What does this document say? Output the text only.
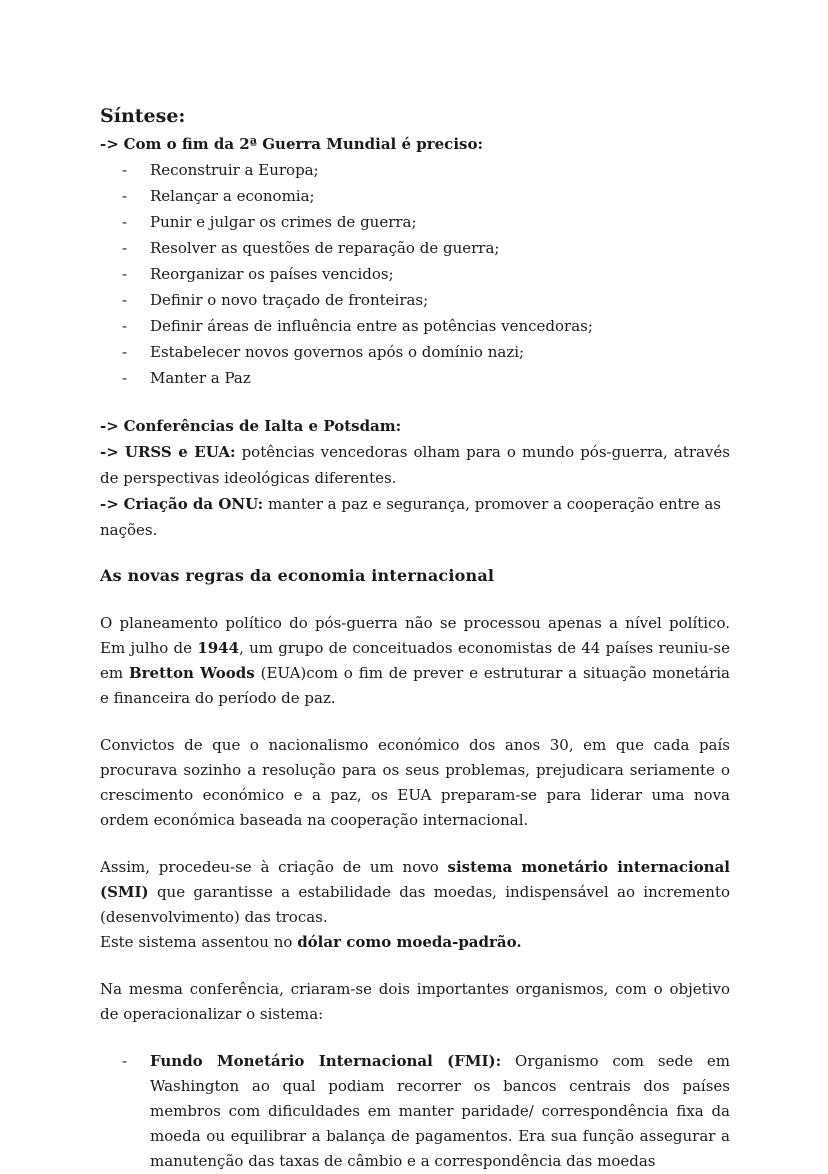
Síntese:
-> Com o fim da 2ª Guerra Mundial é preciso:
- Reconstruir a Europa;
- Relançar a economia;
- Punir e julgar os crimes de guerra;
- Resolver as questões de reparação de guerra;
- Reorganizar os países vencidos;
- Definir o novo traçado de fronteiras;
- Definir áreas de influência entre as potências vencedoras;
- Estabelecer novos governos após o domínio nazi;
- Manter a Paz
-> Conferências de Ialta e Potsdam:
-> URSS e EUA: potências vencedoras olham para o mundo pós-guerra, através de perspectivas ideológicas diferentes.
-> Criação da ONU: manter a paz e segurança, promover a cooperação entre as nações.
As novas regras da economia internacional

O planeamento político do pós-guerra não se processou apenas a nível político. Em julho de 1944, um grupo de conceituados economistas de 44 países reuniu-se em Bretton Woods (EUA)com o fim de prever e estruturar a situação monetária e financeira do período de paz.

Convictos de que o nacionalismo económico dos anos 30, em que cada país procurava sozinho a resolução para os seus problemas, prejudicara seriamente o crescimento económico e a paz, os EUA preparam-se para liderar uma nova ordem económica baseada na cooperação internacional.

Assim, procedeu-se à criação de um novo sistema monetário internacional (SMI) que garantisse a estabilidade das moedas, indispensável ao incremento (desenvolvimento) das trocas.

Este sistema assentou no dólar como moeda-padrão.

Na mesma conferência, criaram-se dois importantes organismos, com o objetivo de operacionalizar o sistema:

- Fundo Monetário Internacional (FMI): Organismo com sede em Washington ao qual podiam recorrer os bancos centrais dos países membros com dificuldades em manter paridade/ correspondência fixa da moeda ou equilibrar a balança de pagamentos. Era sua função assegurar a manutenção das taxas de câmbio e a correspondência das moedas
